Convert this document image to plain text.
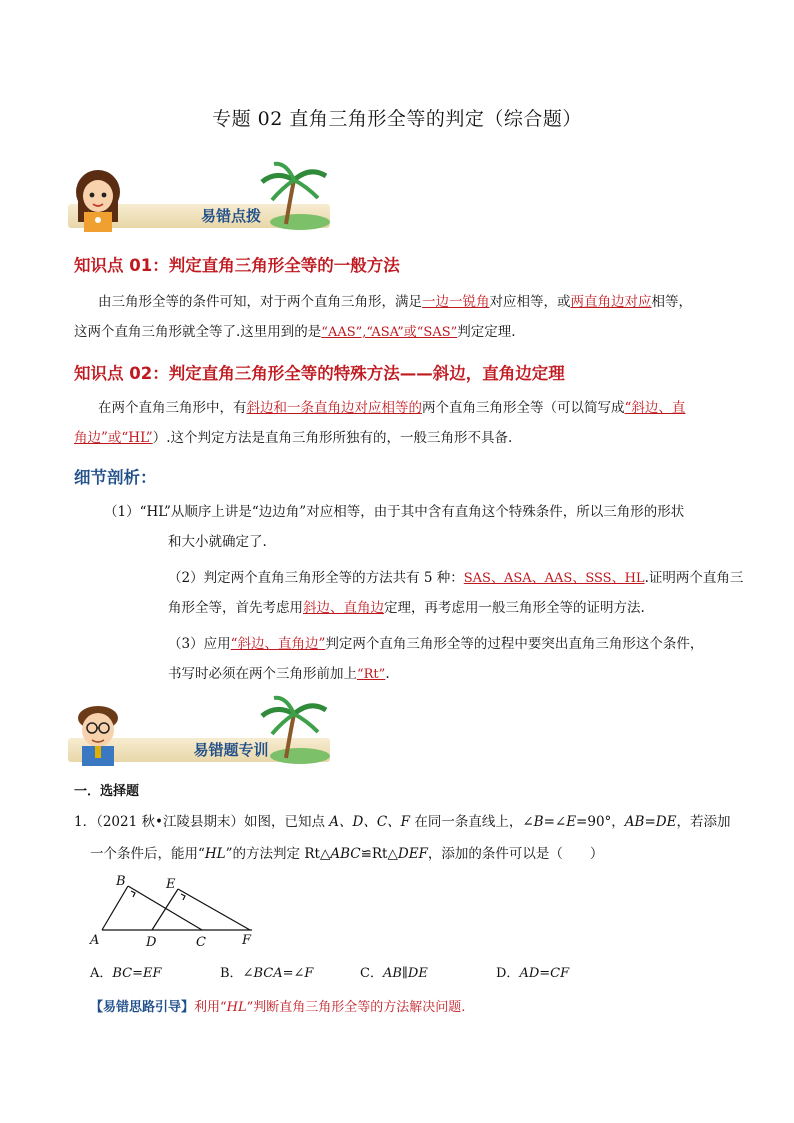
专题 02 直角三角形全等的判定（综合题）
易错点拨
知识点 01：判定直角三角形全等的一般方法
由三角形全等的条件可知，对于两个直角三角形，满足一边一锐角对应相等，或两直角边对应相等，
这两个直角三角形就全等了.这里用到的是“AAS”,“ASA”或“SAS”判定定理.
知识点 02：判定直角三角形全等的特殊方法——斜边，直角边定理
在两个直角三角形中，有斜边和一条直角边对应相等的两个直角三角形全等（可以简写成“斜边、直
角边”或“HL”）.这个判定方法是直角三角形所独有的，一般三角形不具备.
细节剖析：
（1）“HL”从顺序上讲是“边边角”对应相等，由于其中含有直角这个特殊条件，所以三角形的形状
和大小就确定了.
（2）判定两个直角三角形全等的方法共有 5 种：SAS、ASA、AAS、SSS、HL.证明两个直角三
角形全等，首先考虑用斜边、直角边定理，再考虑用一般三角形全等的证明方法.
（3）应用“斜边、直角边”判定两个直角三角形全等的过程中要突出直角三角形这个条件，
书写时必须在两个三角形前加上“Rt”.
易错题专训
一．选择题
1．（2021 秋•江陵县期末）如图，已知点 A、D、C、F 在同一条直线上，∠B=∠E=90°，AB=DE，若添加
一个条件后，能用“HL”的方法判定 Rt△ABC≌Rt△DEF，添加的条件可以是（　　）
B	E
A	D	C	F
A．BC=EF	B．∠BCA=∠F	C．AB∥DE	D．AD=CF
【易错思路引导】利用“HL”判断直角三角形全等的方法解决问题.
